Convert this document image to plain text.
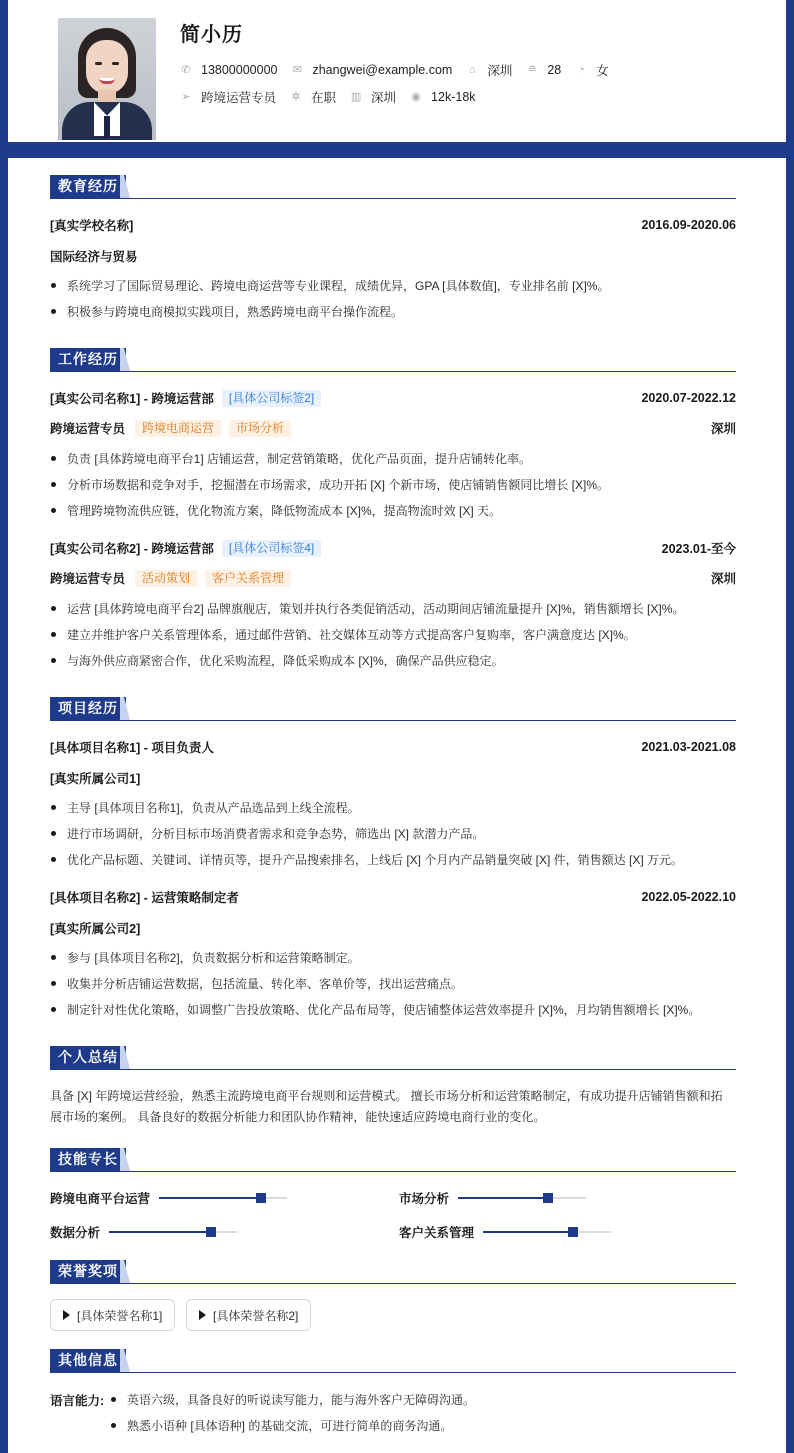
简小历
✆ 13800000000 ✉ zhangwei@example.com ⌂ 深圳 ≘ 28 ◔ 女
➢ 跨境运营专员 ✲ 在职 ▥ 深圳 ◉ 12k-18k
教育经历
[真实学校名称]	2016.09-2020.06
国际经济与贸易
系统学习了国际贸易理论、跨境电商运营等专业课程，成绩优异，GPA [具体数值]，专业排名前 [X]%。
积极参与跨境电商模拟实践项目，熟悉跨境电商平台操作流程。
工作经历
[真实公司名称1] - 跨境运营部	[具体公司标签2]	2020.07-2022.12
跨境运营专员	跨境电商运营	市场分析	深圳
负责 [具体跨境电商平台1] 店铺运营，制定营销策略，优化产品页面，提升店铺转化率。
分析市场数据和竞争对手，挖掘潜在市场需求，成功开拓 [X] 个新市场，使店铺销售额同比增长 [X]%。
管理跨境物流供应链，优化物流方案，降低物流成本 [X]%，提高物流时效 [X] 天。
[真实公司名称2] - 跨境运营部	[具体公司标签4]	2023.01-至今
跨境运营专员	活动策划	客户关系管理	深圳
运营 [具体跨境电商平台2] 品牌旗舰店，策划并执行各类促销活动，活动期间店铺流量提升 [X]%，销售额增长 [X]%。
建立并维护客户关系管理体系，通过邮件营销、社交媒体互动等方式提高客户复购率，客户满意度达 [X]%。
与海外供应商紧密合作，优化采购流程，降低采购成本 [X]%，确保产品供应稳定。
项目经历
[具体项目名称1] - 项目负责人	2021.03-2021.08
[真实所属公司1]
主导 [具体项目名称1]，负责从产品选品到上线全流程。
进行市场调研，分析目标市场消费者需求和竞争态势，筛选出 [X] 款潜力产品。
优化产品标题、关键词、详情页等，提升产品搜索排名，上线后 [X] 个月内产品销量突破 [X] 件，销售额达 [X] 万元。
[具体项目名称2] - 运营策略制定者	2022.05-2022.10
[真实所属公司2]
参与 [具体项目名称2]，负责数据分析和运营策略制定。
收集并分析店铺运营数据，包括流量、转化率、客单价等，找出运营痛点。
制定针对性优化策略，如调整广告投放策略、优化产品布局等，使店铺整体运营效率提升 [X]%，月均销售额增长 [X]%。
个人总结
具备 [X] 年跨境运营经验，熟悉主流跨境电商平台规则和运营模式。 擅长市场分析和运营策略制定，有成功提升店铺销售额和拓
展市场的案例。 具备良好的数据分析能力和团队协作精神，能快速适应跨境电商行业的变化。
技能专长
跨境电商平台运营	市场分析
数据分析	客户关系管理
荣誉奖项
[具体荣誉名称1]	[具体荣誉名称2]
其他信息
语言能力:	英语六级，具备良好的听说读写能力，能与海外客户无障碍沟通。
熟悉小语种 [具体语种] 的基础交流，可进行简单的商务沟通。
